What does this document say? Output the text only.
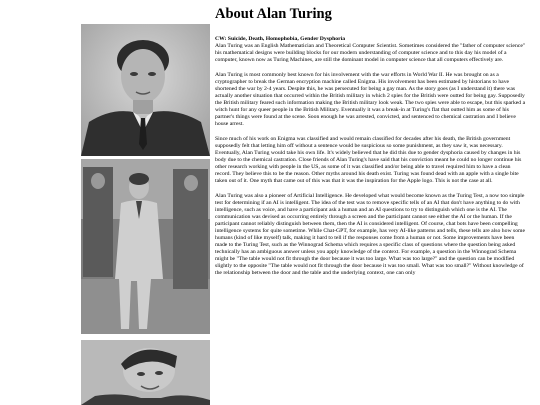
About Alan Turing

CW: Suicide, Death, Homophobia, Gender Dysphoria
Alan Turing was an English Mathematician and Theoretical Computer Scientist. Sometimes considered the "father of computer science" his mathematical designs were building blocks for our modern understanding of computer science and to this day his model of a computer, known now as Turing Machines, are still the dominant model in computer science that all computers effectively are.

Alan Turing is most commonly best known for his involvement with the war efforts in World War II. He was brought on as a cryptographer to break the German encryption machine called Enigma. His involvement has been estimated by historians to have shortened the war by 2-4 years. Despite this, he was persecuted for being a gay man. As the story goes (as I understand it) there was actually another situation that occurred within the British military in which 2 spies for the British were outted for being gay. Supposedly the British military feared such information making the British military look weak. The two spies were able to escape, but this sparked a witch hunt for any queer people in the British Military. Eventually it was a break-in at Turing's flat that outted him as some of his partner's things were found at the scene. Soon enough he was arrested, convicted, and sentenced to chemical castration and I believe house arrest.

Since much of his work on Enigma was classified and would remain classified for decades after his death, the British government supposedly felt that letting him off without a sentence would be suspicious so some punishment, as they saw it, was necessary. Eventually, Alan Turing would take his own life. It's widely believed that he did this due to gender dysphoria caused by changes in his body due to the chemical castration. Close friends of Alan Turing's have said that his conviction meant he could no longer continue his other research working with people in the US, as some of it was classified and/or being able to travel required him to have a clean record. They believe this to be the reason. Other myths around his death exist. Turing was found dead with an apple with a single bite taken out of it. One myth that came out of this was that it was the inspiration for the Apple logo. This is not the case at all.

Alan Turing was also a pioneer of Artificial Intelligence. He developed what would become known as the Turing Test, a now too simple test for determining if an AI is intelligent. The idea of the test was to remove specific tells of an AI that don't have anything to do with intelligence, such as voice, and have a participant ask a human and an AI questions to try to distinguish which one is the AI. The communication was devised as occurring entirely through a screen and the participant cannot see either the AI or the human. If the participant cannot reliably distinguish between them, then the AI is considered intelligent. Of course, chat bots have been compelling intelligence systems for quite sometime. While Chat-GPT, for example, has very AI-like patterns and tells, these tells are also how some humans (kind of like myself) talk, making it hard to tell if the responses come from a human or not. Some improvements have been made to the Turing Test, such as the Winnograd Schema which requires a specific class of questions where the question being asked technically has an ambiguous answer unless you apply knowledge of the context. For example, a question in the Winnograd Schema might be "The table would not fit through the door because it was too large. What was too large?" and the question can be modified slightly to the opposite "The table would not fit through the door because it was too small. What was too small?" Without knowledge of the relationship between the door and the table and the underlying context, one can only
